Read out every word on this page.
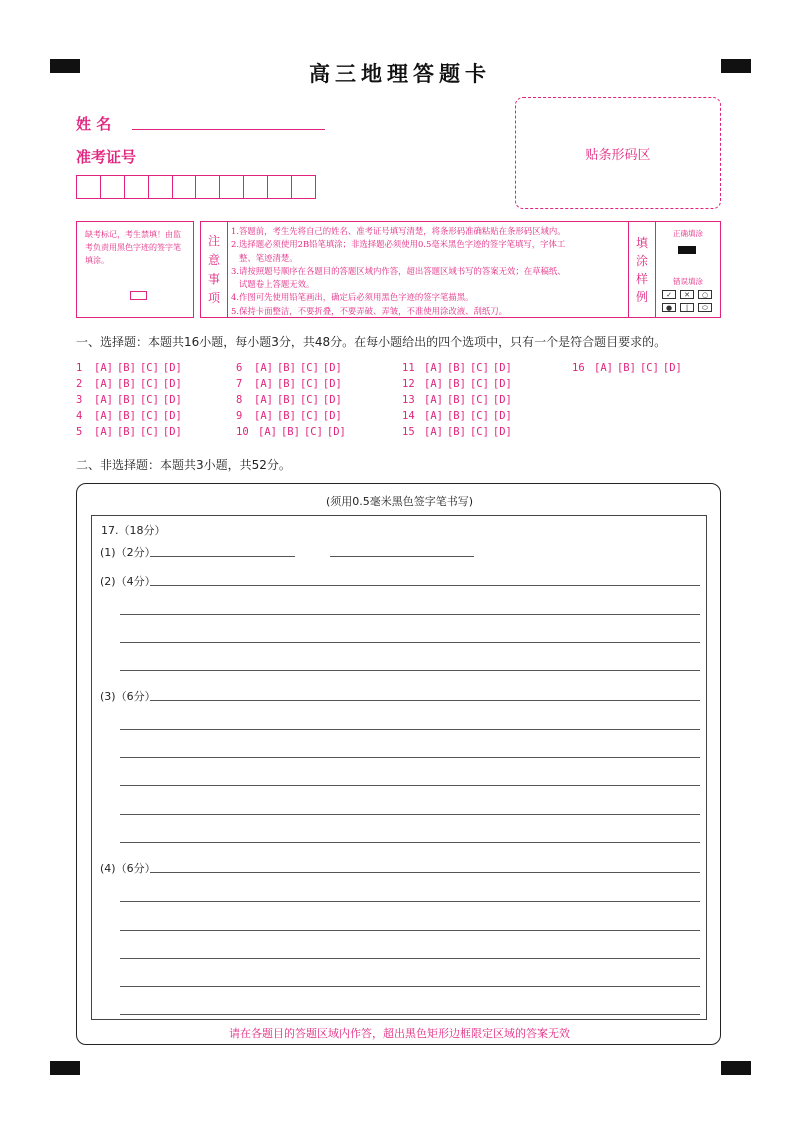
高三地理答题卡
姓 名
准考证号	贴条形码区
缺考标记，考生禁填！由监考负责用黑色字迹的签字笔填涂。
注
意
事
项
1.答题前，考生先将自己的姓名、准考证号填写清楚，将条形码准确粘贴在条形码区域内。
2.选择题必须使用2B铅笔填涂；非选择题必须使用0.5毫米黑色字迹的签字笔填写，字体工
整、笔迹清楚。
3.请按照题号顺序在各题目的答题区域内作答，超出答题区域书写的答案无效；在草稿纸、
试题卷上答题无效。
4.作图可先使用铅笔画出，确定后必须用黑色字迹的签字笔描黑。
5.保持卡面整洁，不要折叠，不要弄破、弄皱，不准使用涂改液、刮纸刀。
填
涂
样
例
正确填涂
错误填涂
✓	✕	○
●	|	⬭
一、选择题：本题共16小题，每小题3分，共48分。在每小题给出的四个选项中，只有一个是符合题目要求的。
1 [A] [B] [C] [D]
2 [A] [B] [C] [D]
3 [A] [B] [C] [D]
4 [A] [B] [C] [D]
5 [A] [B] [C] [D]
6 [A] [B] [C] [D]
7 [A] [B] [C] [D]
8 [A] [B] [C] [D]
9 [A] [B] [C] [D]
10 [A] [B] [C] [D]
11 [A] [B] [C] [D]
12 [A] [B] [C] [D]
13 [A] [B] [C] [D]
14 [A] [B] [C] [D]
15 [A] [B] [C] [D]
16 [A] [B] [C] [D]
二、非选择题：本题共3小题，共52分。
(须用0.5毫米黑色签字笔书写)
17.（18分）
(1)（2分）
(2)（4分）
(3)（6分）
(4)（6分）
请在各题目的答题区域内作答，超出黑色矩形边框限定区域的答案无效
